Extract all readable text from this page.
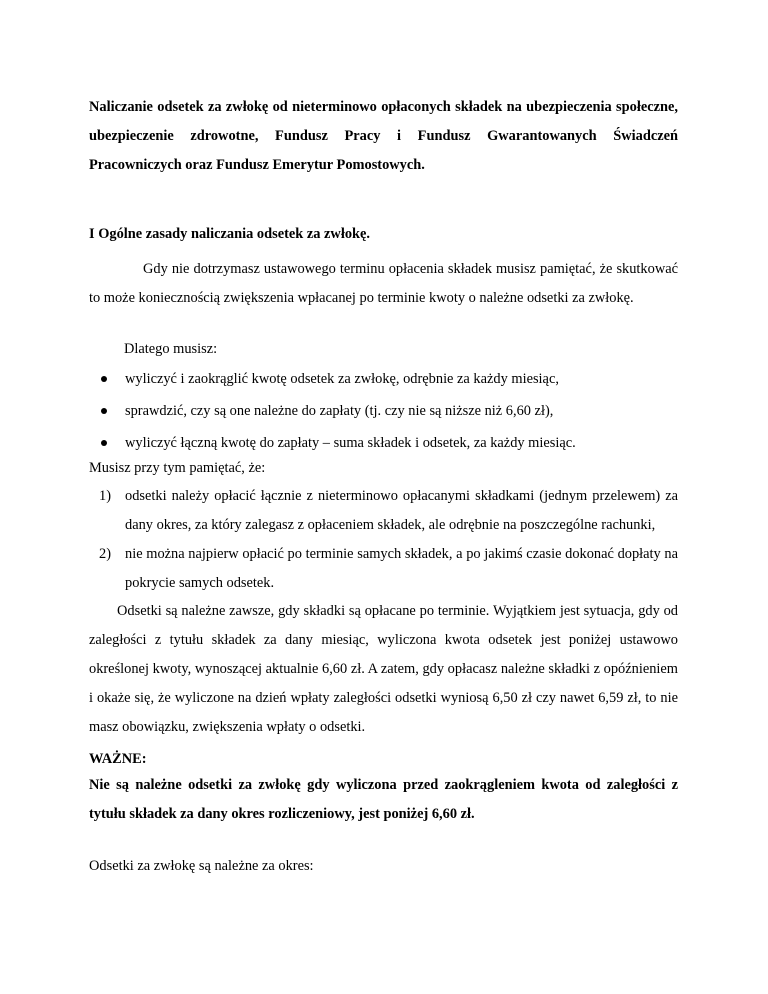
Naliczanie odsetek za zwłokę od nieterminowo opłaconych składek na ubezpieczenia społeczne, ubezpieczenie zdrowotne, Fundusz Pracy i Fundusz Gwarantowanych Świadczeń Pracowniczych oraz Fundusz Emerytur Pomostowych.

I Ogólne zasady naliczania odsetek za zwłokę.

Gdy nie dotrzymasz ustawowego terminu opłacenia składek musisz pamiętać, że skutkować to może koniecznością zwiększenia wpłacanej po terminie kwoty o należne odsetki za zwłokę.

Dlatego musisz:

wyliczyć i zaokrąglić kwotę odsetek za zwłokę, odrębnie za każdy miesiąc,
sprawdzić, czy są one należne do zapłaty (tj. czy nie są niższe niż 6,60 zł),
wyliczyć łączną kwotę do zapłaty – suma składek i odsetek, za każdy miesiąc.

Musisz przy tym pamiętać, że:

1) odsetki należy opłacić łącznie z nieterminowo opłacanymi składkami (jednym przelewem) za dany okres, za który zalegasz z opłaceniem składek, ale odrębnie na poszczególne rachunki,
2) nie można najpierw opłacić po terminie samych składek, a po jakimś czasie dokonać dopłaty na pokrycie samych odsetek.

Odsetki są należne zawsze, gdy składki są opłacane po terminie. Wyjątkiem jest sytuacja, gdy od zaległości z tytułu składek za dany miesiąc, wyliczona kwota odsetek jest poniżej ustawowo określonej kwoty, wynoszącej aktualnie 6,60 zł. A zatem, gdy opłacasz należne składki z opóźnieniem i okaże się, że wyliczone na dzień wpłaty zaległości odsetki wyniosą 6,50 zł czy nawet 6,59 zł, to nie masz obowiązku, zwiększenia wpłaty o odsetki.

WAŻNE:

Nie są należne odsetki za zwłokę gdy wyliczona przed zaokrągleniem kwota od zaległości z tytułu składek za dany okres rozliczeniowy, jest poniżej 6,60 zł.

Odsetki za zwłokę są należne za okres:
